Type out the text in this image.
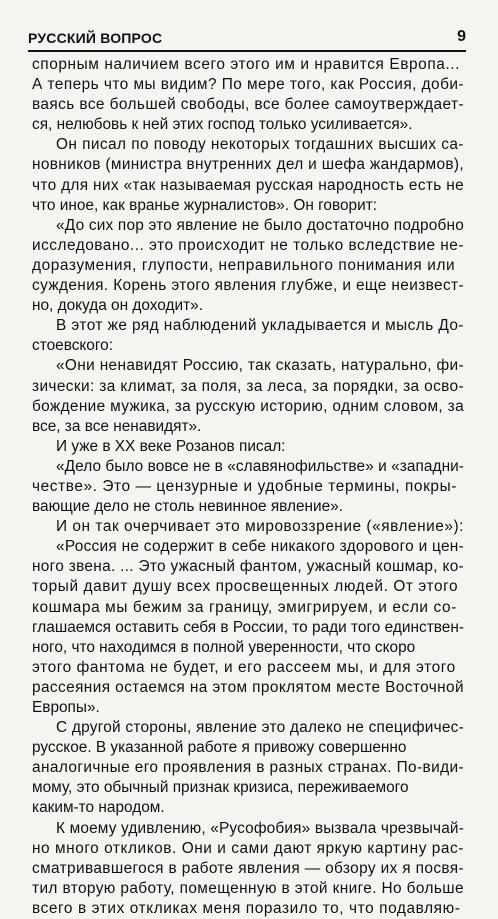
РУССКИЙ ВОПРОС	9
спорным наличием всего этого им и нравится Европа...
А теперь что мы видим? По мере того, как Россия, доби-
ваясь все большей свободы, все более самоутверждает-
ся, нелюбовь к ней этих господ только усиливается».
Он писал по поводу некоторых тогдашних высших са-
новников (министра внутренних дел и шефа жандармов),
что для них «так называемая русская народность есть не
что иное, как вранье журналистов». Он говорит:
«До сих пор это явление не было достаточно подробно
исследовано... это происходит не только вследствие не-
доразумения, глупости, неправильного понимания или
суждения. Корень этого явления глубже, и еще неизвест-
но, докуда он доходит».
В этот же ряд наблюдений укладывается и мысль До-
стоевского:
«Они ненавидят Россию, так сказать, натурально, фи-
зически: за климат, за поля, за леса, за порядки, за осво-
бождение мужика, за русскую историю, одним словом, за
все, за все ненавидят».
И уже в XX веке Розанов писал:
«Дело было вовсе не в «славянофильстве» и «западни-
честве». Это — цензурные и удобные термины, покры-
вающие дело не столь невинное явление».
И он так очерчивает это мировоззрение («явление»):
«Россия не содержит в себе никакого здорового и цен-
ного звена. ... Это ужасный фантом, ужасный кошмар, ко-
торый давит душу всех просвещенных людей. От этого
кошмара мы бежим за границу, эмигрируем, и если со-
глашаемся оставить себя в России, то ради того единствен-
ного, что находимся в полной уверенности, что скоро
этого фантома не будет, и его рассеем мы, и для этого
рассеяния остаемся на этом проклятом месте Восточной
Европы».
С другой стороны, явление это далеко не специфичес-
русское. В указанной работе я привожу совершенно
аналогичные его проявления в разных странах. По-види-
мому, это обычный признак кризиса, переживаемого
каким-то народом.
К моему удивлению, «Русофобия» вызвала чрезвычай-
но много откликов. Они и сами дают яркую картину рас-
сматривавшегося в работе явления — обзору их я посвя-
тил вторую работу, помещенную в этой книге. Но больше
всего в этих откликах меня поразило то, что подавляю-
